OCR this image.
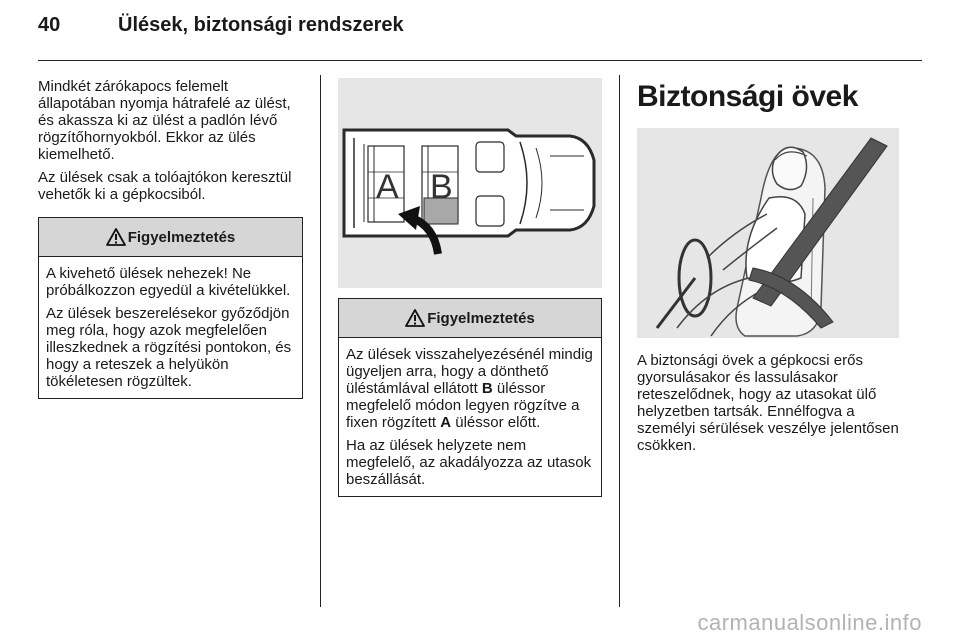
40	Ülések, biztonsági rendszerek

Mindkét zárókapocs felemelt állapotában nyomja hátrafelé az ülést, és akassza ki az ülést a padlón lévő rögzítőhornyokból. Ekkor az ülés kiemelhető.

Az ülések csak a tolóajtókon keresztül vehetők ki a gépkocsiból.

Figyelmeztetés

A kivehető ülések nehezek! Ne próbálkozzon egyedül a kivételükkel.

Az ülések beszerelésekor győződjön meg róla, hogy azok megfelelően illeszkednek a rögzítési pontokon, és hogy a reteszek a helyükön tökéletesen rögzültek.

A B
Figyelmeztetés

Az ülések visszahelyezésénél mindig ügyeljen arra, hogy a dönthető üléstámlával ellátott B üléssor megfelelő módon legyen rögzítve a fixen rögzített A üléssor előtt.

Ha az ülések helyzete nem megfelelő, az akadályozza az utasok beszállását.

Biztonsági övek

A biztonsági övek a gépkocsi erős gyorsulásakor és lassulásakor reteszelődnek, hogy az utasokat ülő helyzetben tartsák. Ennélfogva a személyi sérülések veszélye jelentősen csökken.

carmanualsonline.info
